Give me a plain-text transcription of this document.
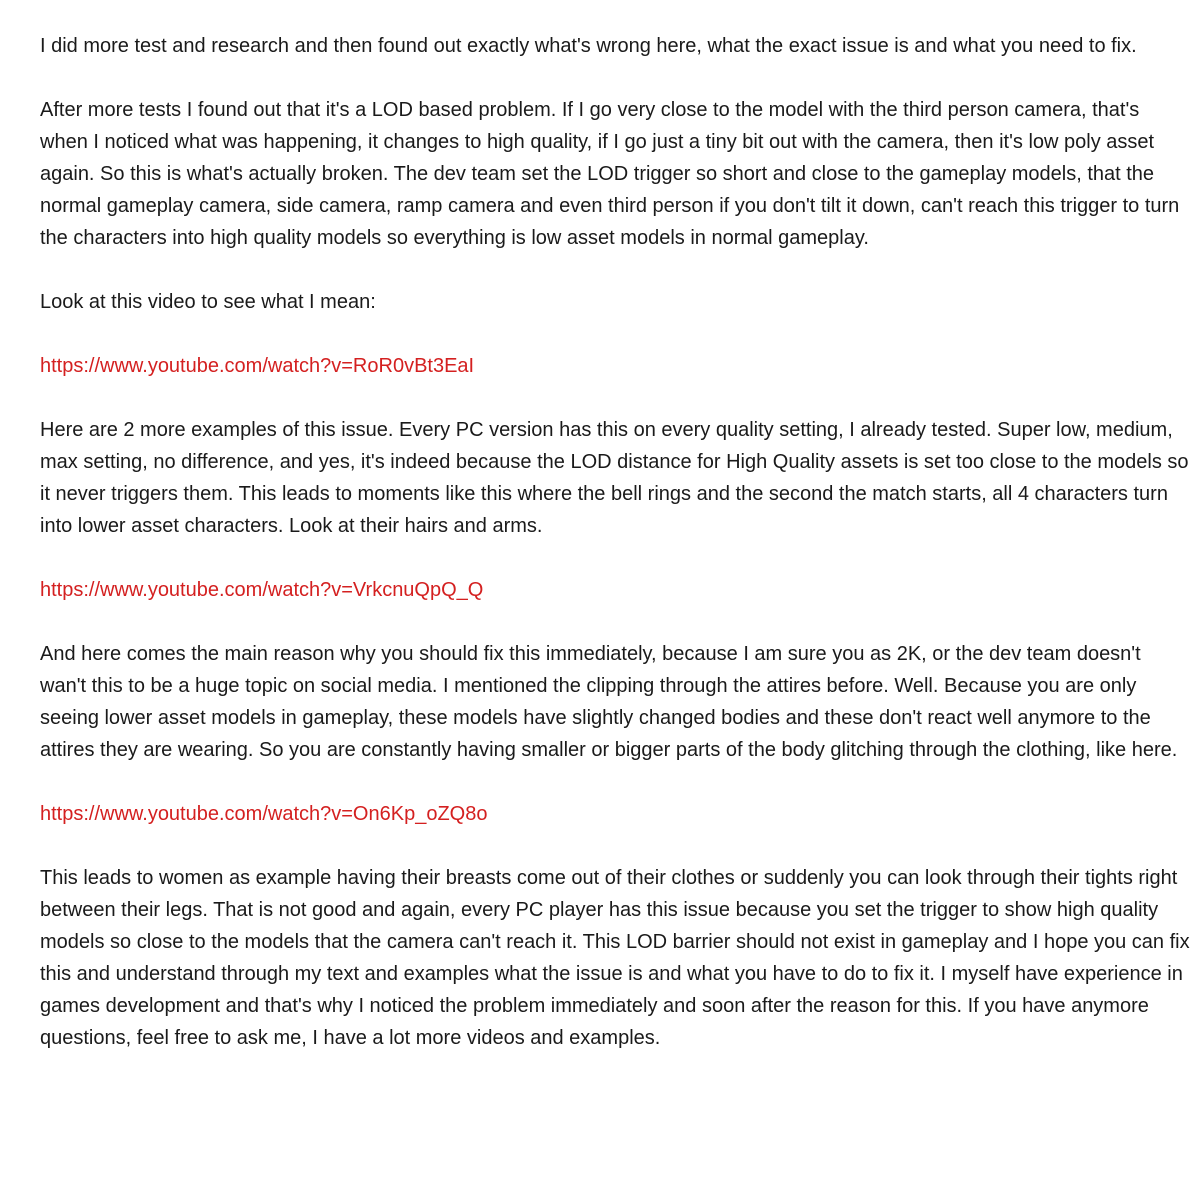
I did more test and research and then found out exactly what's wrong here, what the exact issue is and what you need to fix.

After more tests I found out that it's a LOD based problem. If I go very close to the model with the third person camera, that's when I noticed what was happening, it changes to high quality, if I go just a tiny bit out with the camera, then it's low poly asset again. So this is what's actually broken. The dev team set the LOD trigger so short and close to the gameplay models, that the normal gameplay camera, side camera, ramp camera and even third person if you don't tilt it down, can't reach this trigger to turn the characters into high quality models so everything is low asset models in normal gameplay.

Look at this video to see what I mean:

https://www.youtube.com/watch?v=RoR0vBt3EaI

Here are 2 more examples of this issue. Every PC version has this on every quality setting, I already tested. Super low, medium, max setting, no difference, and yes, it's indeed because the LOD distance for High Quality assets is set too close to the models so it never triggers them. This leads to moments like this where the bell rings and the second the match starts, all 4 characters turn into lower asset characters. Look at their hairs and arms.

https://www.youtube.com/watch?v=VrkcnuQpQ_Q

And here comes the main reason why you should fix this immediately, because I am sure you as 2K, or the dev team doesn't wan't this to be a huge topic on social media. I mentioned the clipping through the attires before. Well. Because you are only seeing lower asset models in gameplay, these models have slightly changed bodies and these don't react well anymore to the attires they are wearing. So you are constantly having smaller or bigger parts of the body glitching through the clothing, like here.

https://www.youtube.com/watch?v=On6Kp_oZQ8o

This leads to women as example having their breasts come out of their clothes or suddenly you can look through their tights right between their legs. That is not good and again, every PC player has this issue because you set the trigger to show high quality models so close to the models that the camera can't reach it. This LOD barrier should not exist in gameplay and I hope you can fix this and understand through my text and examples what the issue is and what you have to do to fix it. I myself have experience in games development and that's why I noticed the problem immediately and soon after the reason for this. If you have anymore questions, feel free to ask me, I have a lot more videos and examples.
